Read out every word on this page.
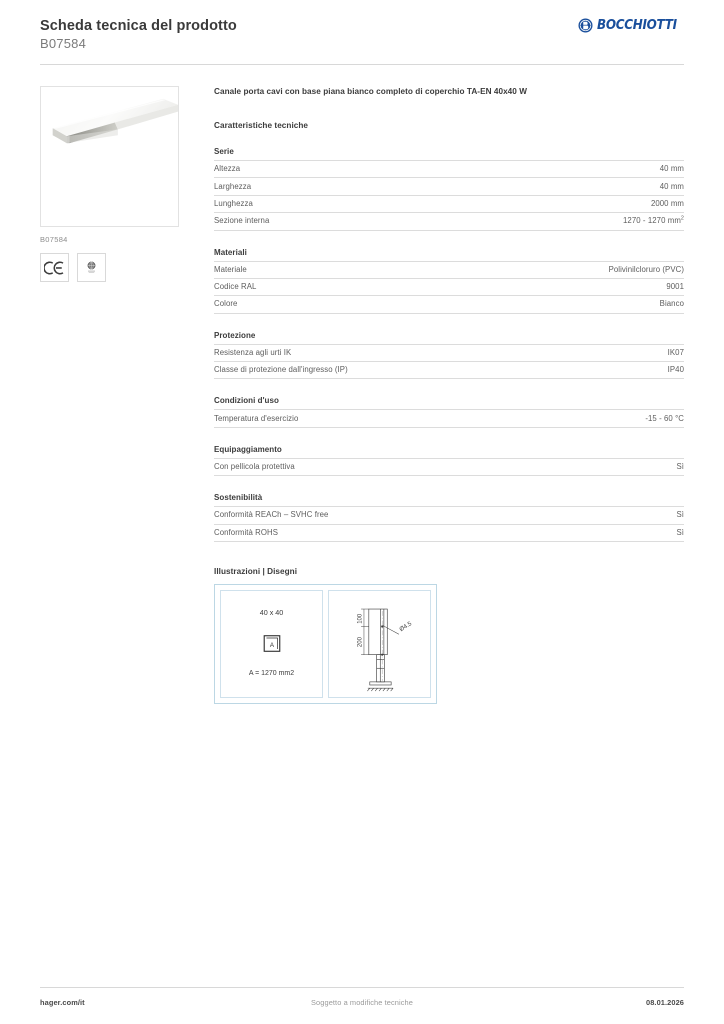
Scheda tecnica del prodotto
B07584
BOCCHIOTTI
B07584
Canale porta cavi con base piana bianco completo di coperchio TA-EN 40x40 W
Caratteristiche tecniche
Serie
Altezza	40 mm
Larghezza	40 mm
Lunghezza	2000 mm
Sezione interna	1270 - 1270 $mm^2$
Materiali
Materiale	Polivinilcloruro (PVC)
Codice RAL	9001
Colore	Bianco
Protezione
Resistenza agli urti IK	IK07
Classe di protezione dall'ingresso (IP)	IP40
Condizioni d'uso
Temperatura d'esercizio	-15 - 60 °C
Equipaggiamento
Con pellicola protettiva	Sì
Sostenibilità
Conformità REACh – SVHC free	Sì
Conformità ROHS	Sì
Illustrazioni | Disegni
40 x 40
A
A = 1270 mm2
100
200
Ø4.5
hager.com/it	Soggetto a modifiche tecniche	08.01.2026
